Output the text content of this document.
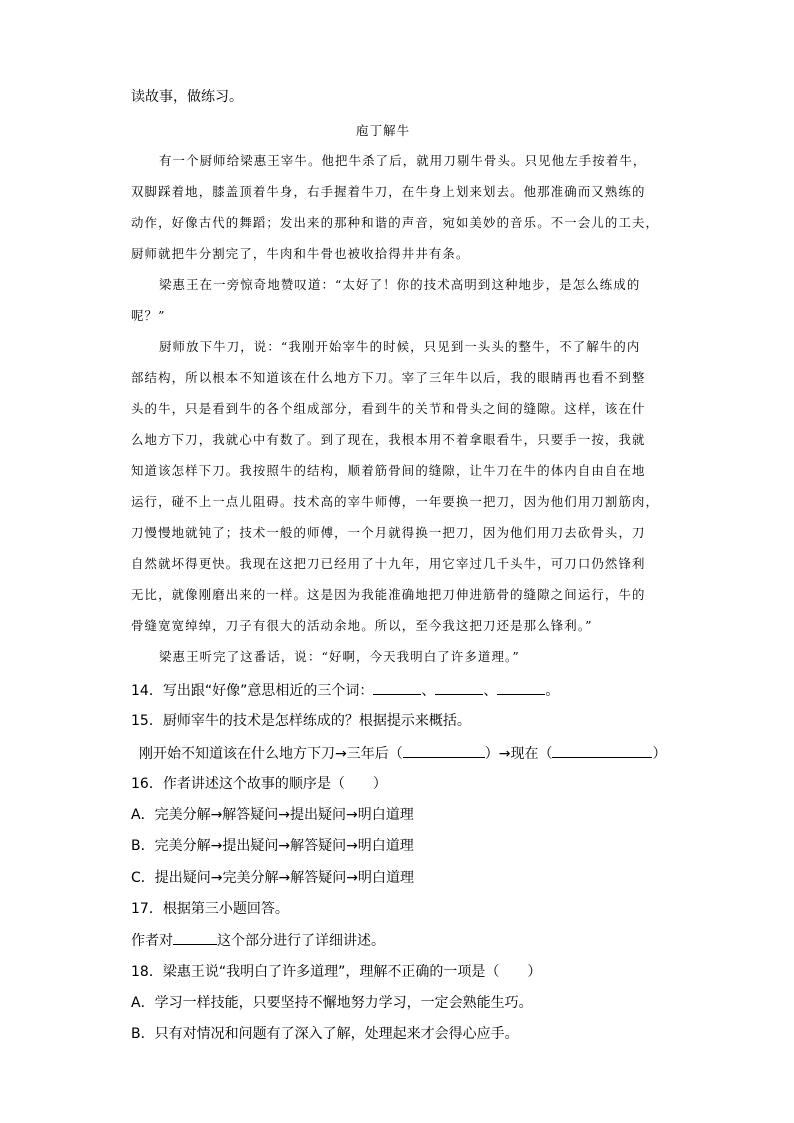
读故事，做练习。
庖丁解牛
有一个厨师给梁惠王宰牛。他把牛杀了后，就用刀剔牛骨头。只见他左手按着牛，
双脚踩着地，膝盖顶着牛身，右手握着牛刀，在牛身上划来划去。他那准确而又熟练的
动作，好像古代的舞蹈；发出来的那种和谐的声音，宛如美妙的音乐。不一会儿的工夫，
厨师就把牛分割完了，牛肉和牛骨也被收拾得井井有条。
梁惠王在一旁惊奇地赞叹道：“太好了！你的技术高明到这种地步，是怎么练成的
呢？”
厨师放下牛刀，说：“我刚开始宰牛的时候，只见到一头头的整牛，不了解牛的内
部结构，所以根本不知道该在什么地方下刀。宰了三年牛以后，我的眼睛再也看不到整
头的牛，只是看到牛的各个组成部分，看到牛的关节和骨头之间的缝隙。这样，该在什
么地方下刀，我就心中有数了。到了现在，我根本用不着拿眼看牛，只要手一按，我就
知道该怎样下刀。我按照牛的结构，顺着筋骨间的缝隙，让牛刀在牛的体内自由自在地
运行，碰不上一点儿阻碍。技术高的宰牛师傅，一年要换一把刀，因为他们用刀割筋肉，
刀慢慢地就钝了；技术一般的师傅，一个月就得换一把刀，因为他们用刀去砍骨头，刀
自然就坏得更快。我现在这把刀已经用了十九年，用它宰过几千头牛，可刀口仍然锋利
无比，就像刚磨出来的一样。这是因为我能准确地把刀伸进筋骨的缝隙之间运行，牛的
骨缝宽宽绰绰，刀子有很大的活动余地。所以，至今我这把刀还是那么锋利。”
梁惠王听完了这番话，说：“好啊，今天我明白了许多道理。”
14．写出跟“好像”意思相近的三个词：	、	、	。
15．厨师宰牛的技术是怎样练成的？根据提示来概括。
刚开始不知道该在什么地方下刀→三年后（	）→现在（	）
16．作者讲述这个故事的顺序是（　　）
A．完美分解→解答疑问→提出疑问→明白道理
B．完美分解→提出疑问→解答疑问→明白道理
C．提出疑问→完美分解→解答疑问→明白道理
17．根据第三小题回答。
作者对	这个部分进行了详细讲述。
18．梁惠王说“我明白了许多道理”，理解不正确的一项是（　　）
A．学习一样技能，只要坚持不懈地努力学习，一定会熟能生巧。
B．只有对情况和问题有了深入了解，处理起来才会得心应手。
